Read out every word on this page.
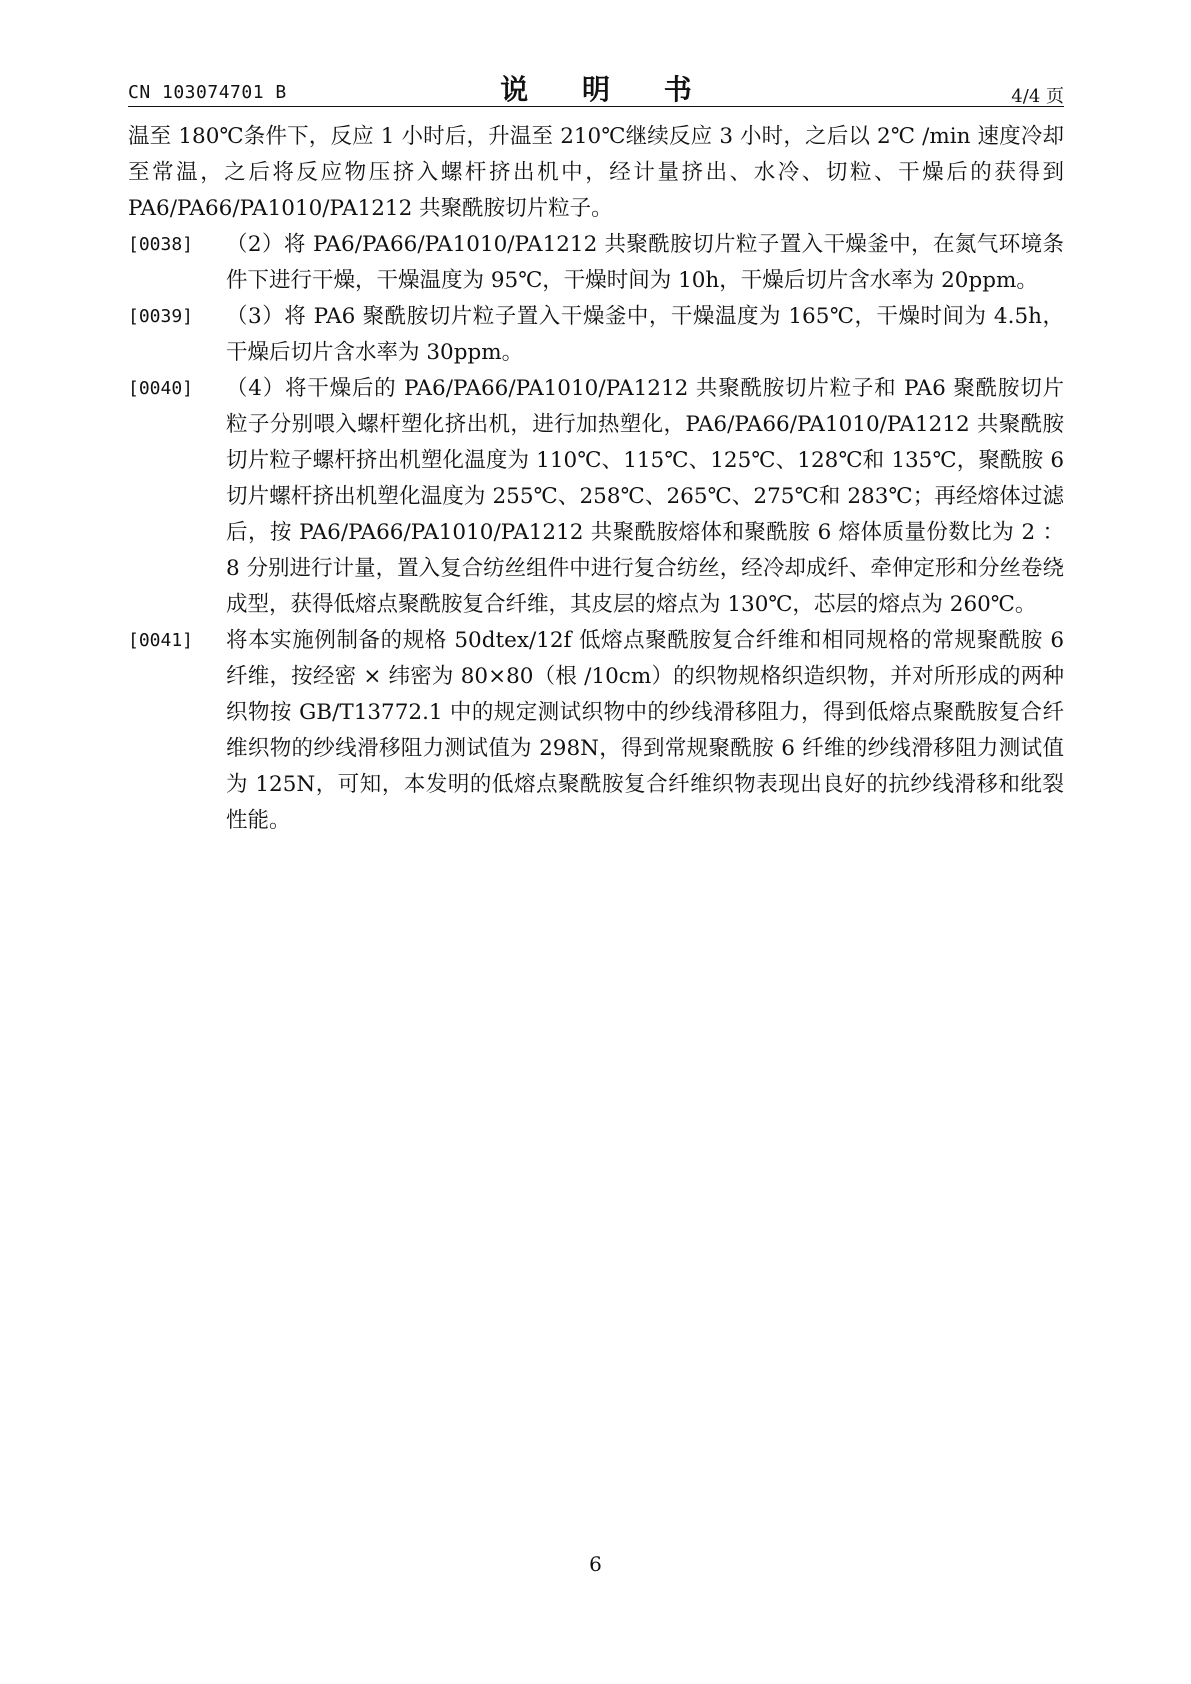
CN 103074701 B	说 明 书	4/4 页

温至 180℃条件下，反应 1 小时后，升温至 210℃继续反应 3 小时，之后以 2℃ /min 速度冷却至常温，之后将反应物压挤入螺杆挤出机中，经计量挤出、水冷、切粒、干燥后的获得到 PA6/PA66/PA1010/PA1212 共聚酰胺切片粒子。

[0038]	（2）将 PA6/PA66/PA1010/PA1212 共聚酰胺切片粒子置入干燥釜中，在氮气环境条件下进行干燥，干燥温度为 95℃，干燥时间为 10h，干燥后切片含水率为 20ppm。
[0039]	（3）将 PA6 聚酰胺切片粒子置入干燥釜中，干燥温度为 165℃，干燥时间为 4.5h，干燥后切片含水率为 30ppm。
[0040]	（4）将干燥后的 PA6/PA66/PA1010/PA1212 共聚酰胺切片粒子和 PA6 聚酰胺切片粒子分别喂入螺杆塑化挤出机，进行加热塑化，PA6/PA66/PA1010/PA1212 共聚酰胺切片粒子螺杆挤出机塑化温度为 110℃、115℃、125℃、128℃和 135℃，聚酰胺 6 切片螺杆挤出机塑化温度为 255℃、258℃、265℃、275℃和 283℃；再经熔体过滤后，按 PA6/PA66/PA1010/PA1212 共聚酰胺熔体和聚酰胺 6 熔体质量份数比为 2 ：8 分别进行计量，置入复合纺丝组件中进行复合纺丝，经冷却成纤、牵伸定形和分丝卷绕成型，获得低熔点聚酰胺复合纤维，其皮层的熔点为 130℃，芯层的熔点为 260℃。
[0041]	将本实施例制备的规格 50dtex/12f 低熔点聚酰胺复合纤维和相同规格的常规聚酰胺 6 纤维，按经密 × 纬密为 80×80（根 /10cm）的织物规格织造织物，并对所形成的两种织物按 GB/T13772.1 中的规定测试织物中的纱线滑移阻力，得到低熔点聚酰胺复合纤维织物的纱线滑移阻力测试值为 298N，得到常规聚酰胺 6 纤维的纱线滑移阻力测试值为 125N，可知，本发明的低熔点聚酰胺复合纤维织物表现出良好的抗纱线滑移和纰裂性能。
6
